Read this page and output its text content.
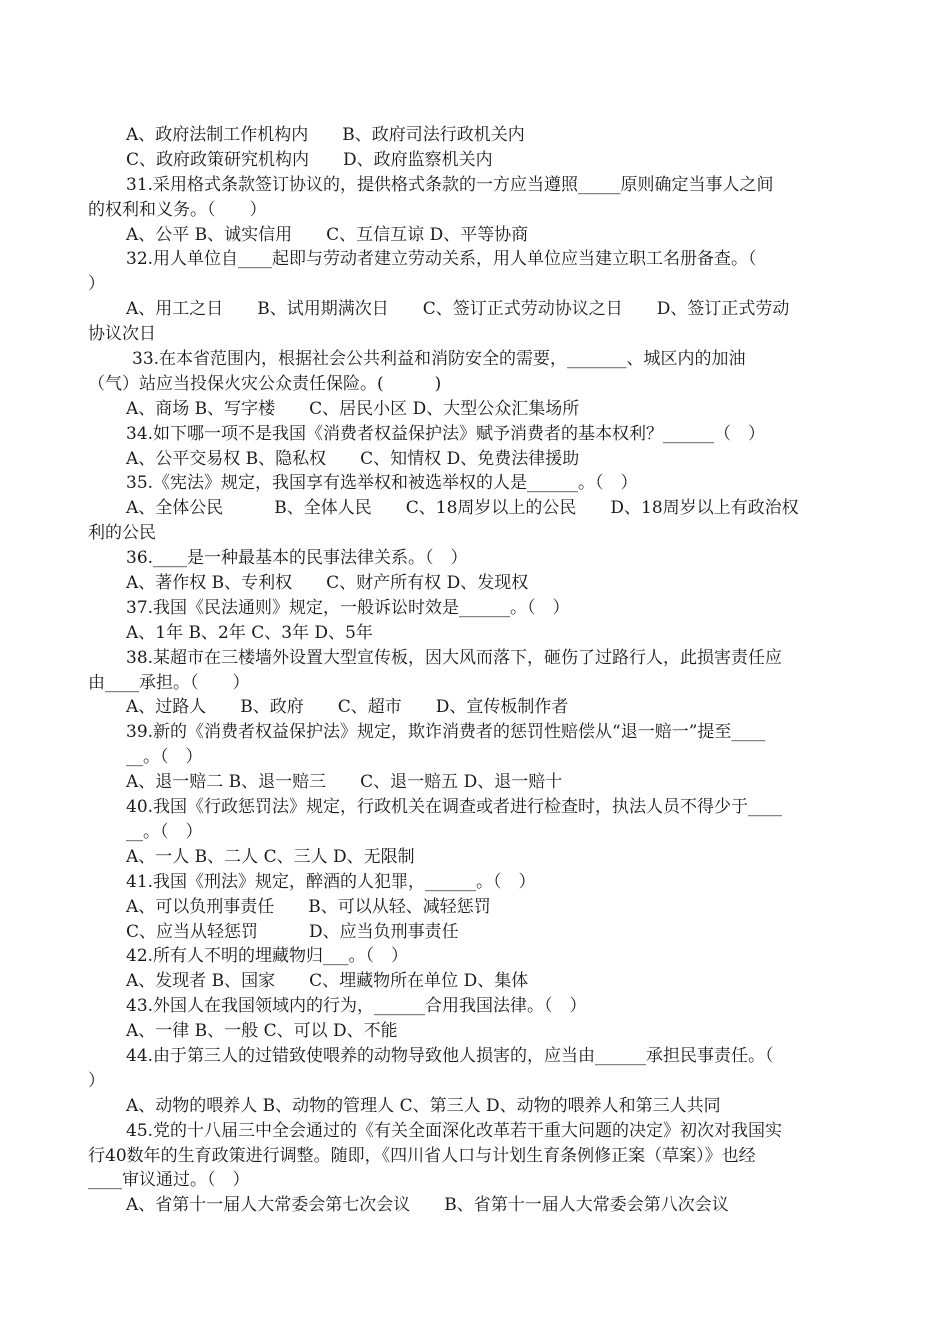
A、政府法制工作机构内　　B、政府司法行政机关内
C、政府政策研究机构内　　D、政府监察机关内
31.采用格式条款签订协议的，提供格式条款的一方应当遵照_____原则确定当事人之间
的权利和义务。（　　）
A、公平 B、诚实信用　　C、互信互谅 D、平等协商
32.用人单位自____起即与劳动者建立劳动关系，用人单位应当建立职工名册备查。（
）
A、用工之日　　B、试用期满次日　　C、签订正式劳动协议之日　　D、签订正式劳动
协议次日
33.在本省范围内，根据社会公共利益和消防安全的需要，_______、城区内的加油
（气）站应当投保火灾公众责任保险。(　　　)
A、商场 B、写字楼　　C、居民小区 D、大型公众汇集场所
34.如下哪一项不是我国《消费者权益保护法》赋予消费者的基本权利？______（　）
A、公平交易权 B、隐私权　　C、知情权 D、免费法律援助
35.《宪法》规定，我国享有选举权和被选举权的人是______。（　）
A、全体公民　　　B、全体人民　　C、18周岁以上的公民　　D、18周岁以上有政治权
利的公民
36.____是一种最基本的民事法律关系。（　）
A、著作权 B、专利权　　C、财产所有权 D、发现权
37.我国《民法通则》规定，一般诉讼时效是______。（　）
A、1年 B、2年 C、3年 D、5年
38.某超市在三楼墙外设置大型宣传板，因大风而落下，砸伤了过路行人，此损害责任应
由____承担。（　　）
A、过路人　　B、政府　　C、超市　　D、宣传板制作者
39.新的《消费者权益保护法》规定，欺诈消费者的惩罚性赔偿从“退一赔一”提至____
__。（　）
A、退一赔二 B、退一赔三　　C、退一赔五 D、退一赔十
40.我国《行政惩罚法》规定，行政机关在调查或者进行检查时，执法人员不得少于____
__。（　）
A、一人 B、二人 C、三人 D、无限制
41.我国《刑法》规定，醉酒的人犯罪，______。（　）
A、可以负刑事责任　　B、可以从轻、减轻惩罚
C、应当从轻惩罚　　　D、应当负刑事责任
42.所有人不明的埋藏物归___。（　）
A、发现者 B、国家　　C、埋藏物所在单位 D、集体
43.外国人在我国领域内的行为，______合用我国法律。（　）
A、一律 B、一般 C、可以 D、不能
44.由于第三人的过错致使喂养的动物导致他人损害的，应当由______承担民事责任。（
）
A、动物的喂养人 B、动物的管理人 C、第三人 D、动物的喂养人和第三人共同
45.党的十八届三中全会通过的《有关全面深化改革若干重大问题的决定》初次对我国实
行40数年的生育政策进行调整。随即，《四川省人口与计划生育条例修正案（草案）》也经
____审议通过。（　）
A、省第十一届人大常委会第七次会议　　B、省第十一届人大常委会第八次会议
